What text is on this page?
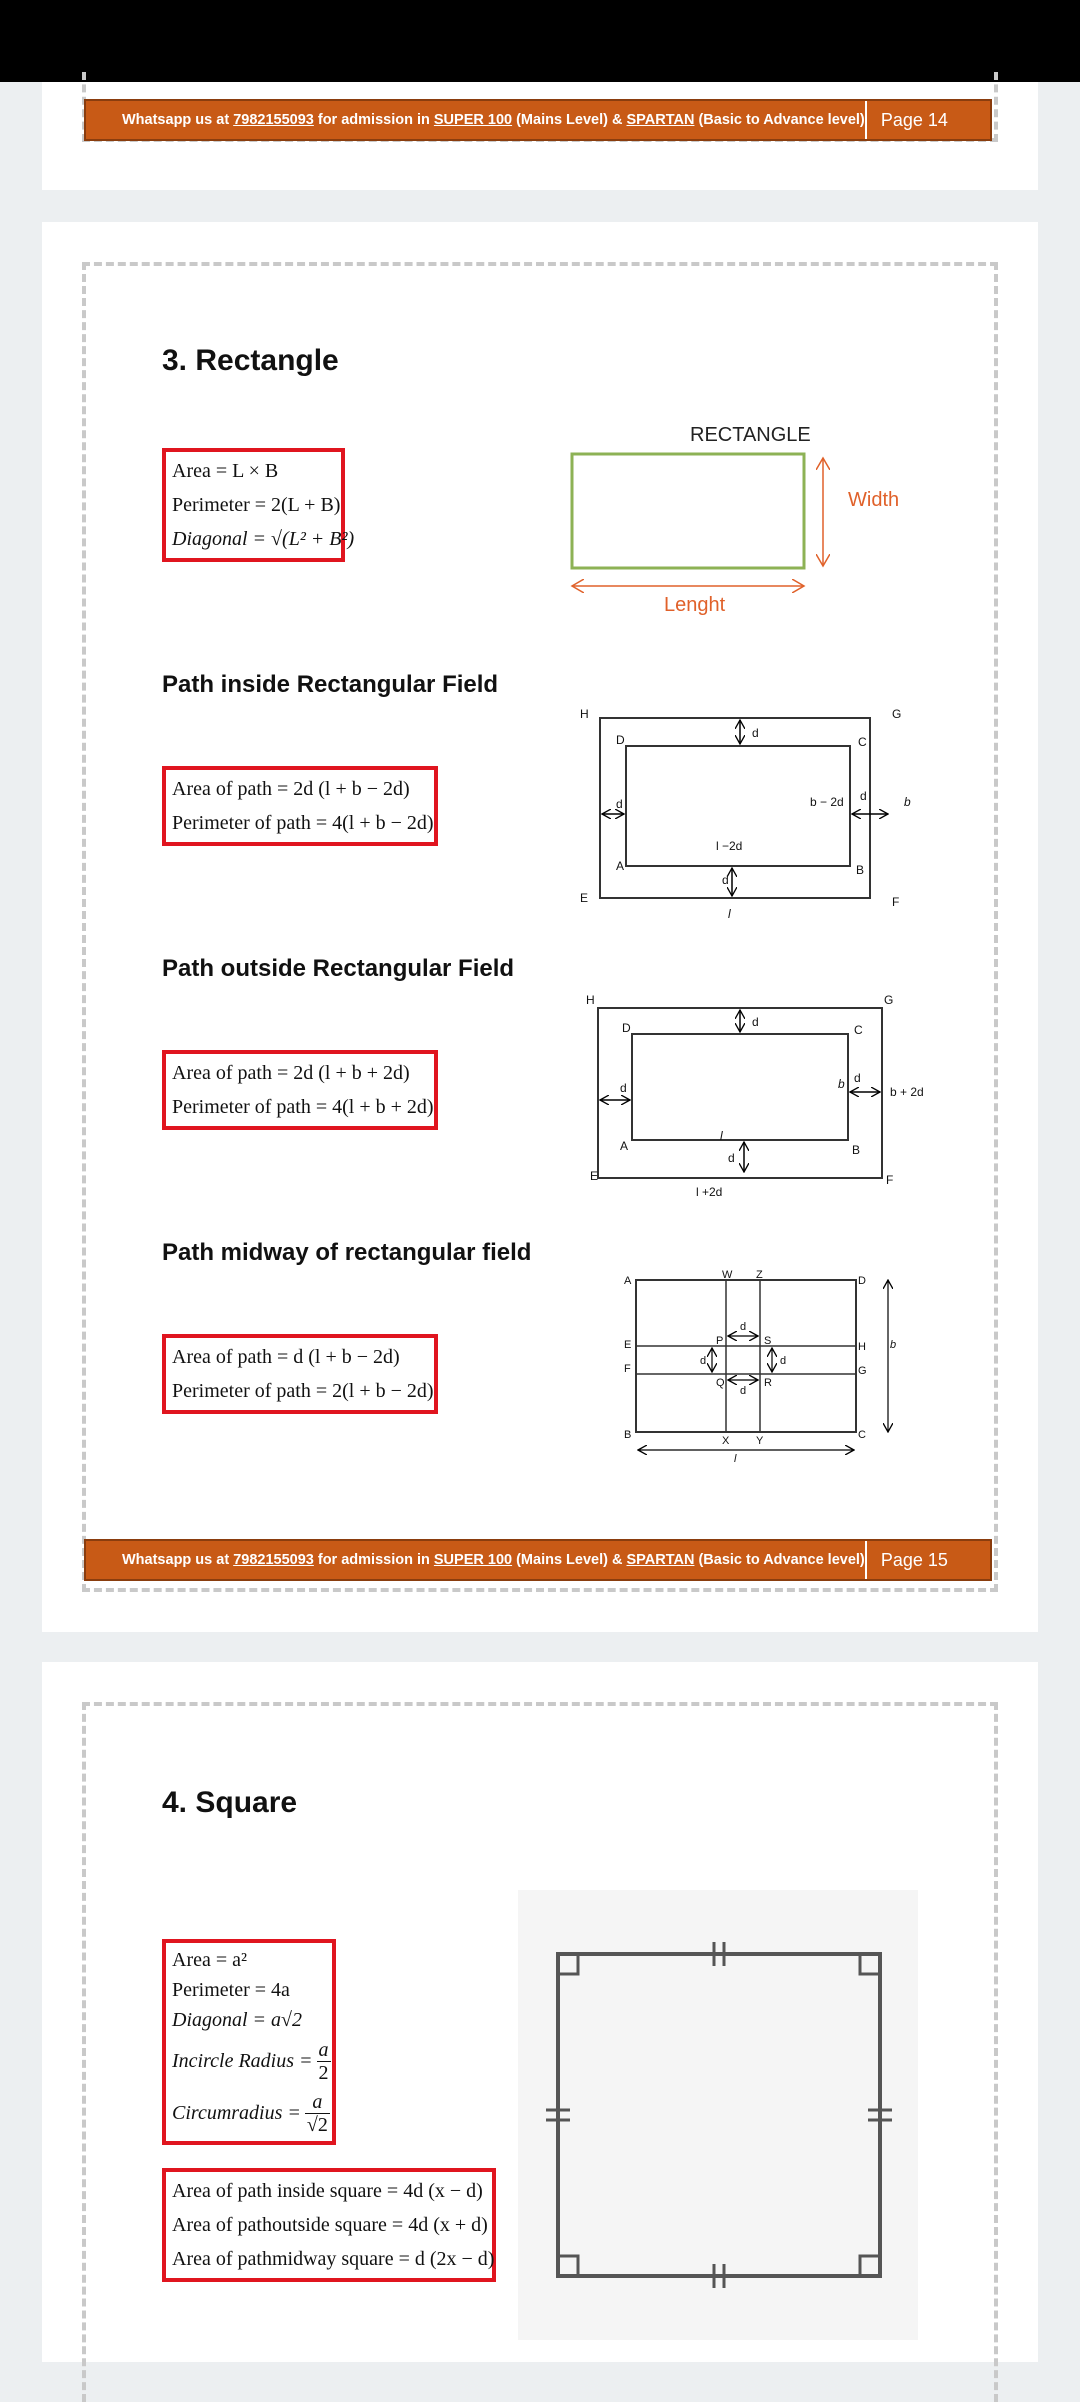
Whatsapp us at 7982155093 for admission in SUPER 100 (Mains Level) & SPARTAN (Basic to Advance level) Page 14
3. Rectangle
Area = L × B
Perimeter = 2(L + B)
Diagonal = √(L² + B²)
RECTANGLE
Width
Lenght
Path inside Rectangular Field
Area of path = 2d (l + b − 2d)
Perimeter of path = 4(l + b − 2d)
H	G
E	F
D	C
A	B
d
d
d
d
b − 2d	b
l −2d
l
Path outside Rectangular Field
Area of path = 2d (l + b + 2d)
Perimeter of path = 4(l + b + 2d)
H	G
E	F
D	C
A	B
d
d
d
d
b
b + 2d
l
l +2d
Path midway of rectangular field
Area of path = d (l + b − 2d)
Perimeter of path = 2(l + b − 2d)
A	W Z	D
E
F
H
G
P	S
Q	R
d
d
d	d
B	X Y	C
l
b
Whatsapp us at 7982155093 for admission in SUPER 100 (Mains Level) & SPARTAN (Basic to Advance level) Page 15
4. Square
Area = a²
Perimeter = 4a
Diagonal = a√2
Incircle Radius = $\frac{a}{2}$
Circumradius = $\frac{a}{√2}$
Area of path inside square = 4d (x − d)
Area of pathoutside square = 4d (x + d)
Area of pathmidway square = d (2x − d)
